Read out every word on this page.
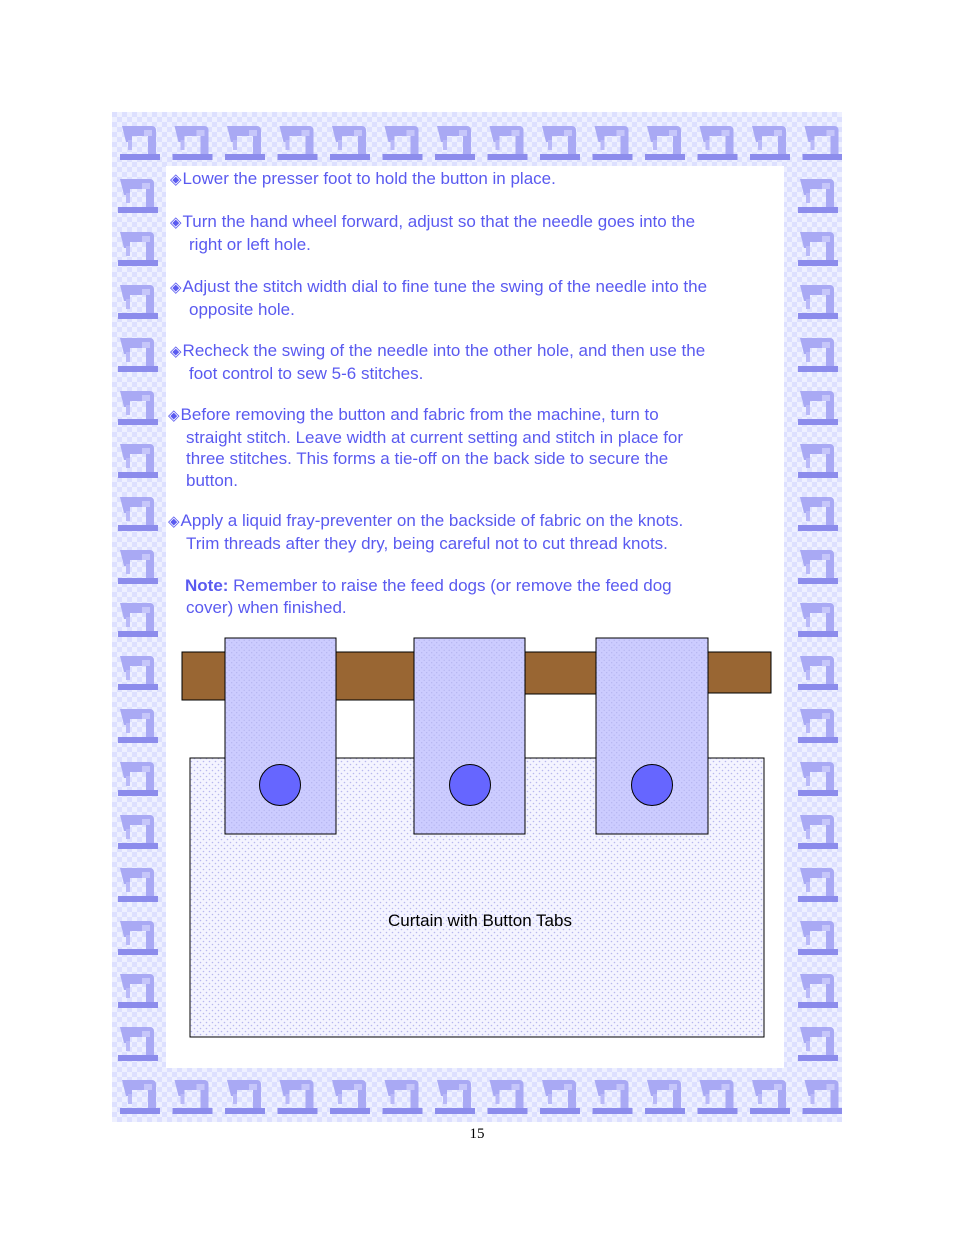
◈Lower the presser foot to hold the button in place.

◈Turn the hand wheel forward, adjust so that the needle goes into the
right or left hole.

◈Adjust the stitch width dial to fine tune the swing of the needle into the
opposite hole.

◈Recheck the swing of the needle into the other hole, and then use the
foot control to sew 5-6 stitches.

◈Before removing the button and fabric from the machine, turn to
straight stitch. Leave width at current setting and stitch in place for
three stitches. This forms a tie-off on the back side to secure the
button.

◈Apply a liquid fray-preventer on the backside of fabric on the knots.
Trim threads after they dry, being careful not to cut thread knots.

Note: Remember to raise the feed dogs (or remove the feed dog
cover) when finished.

Curtain with Button Tabs
15
